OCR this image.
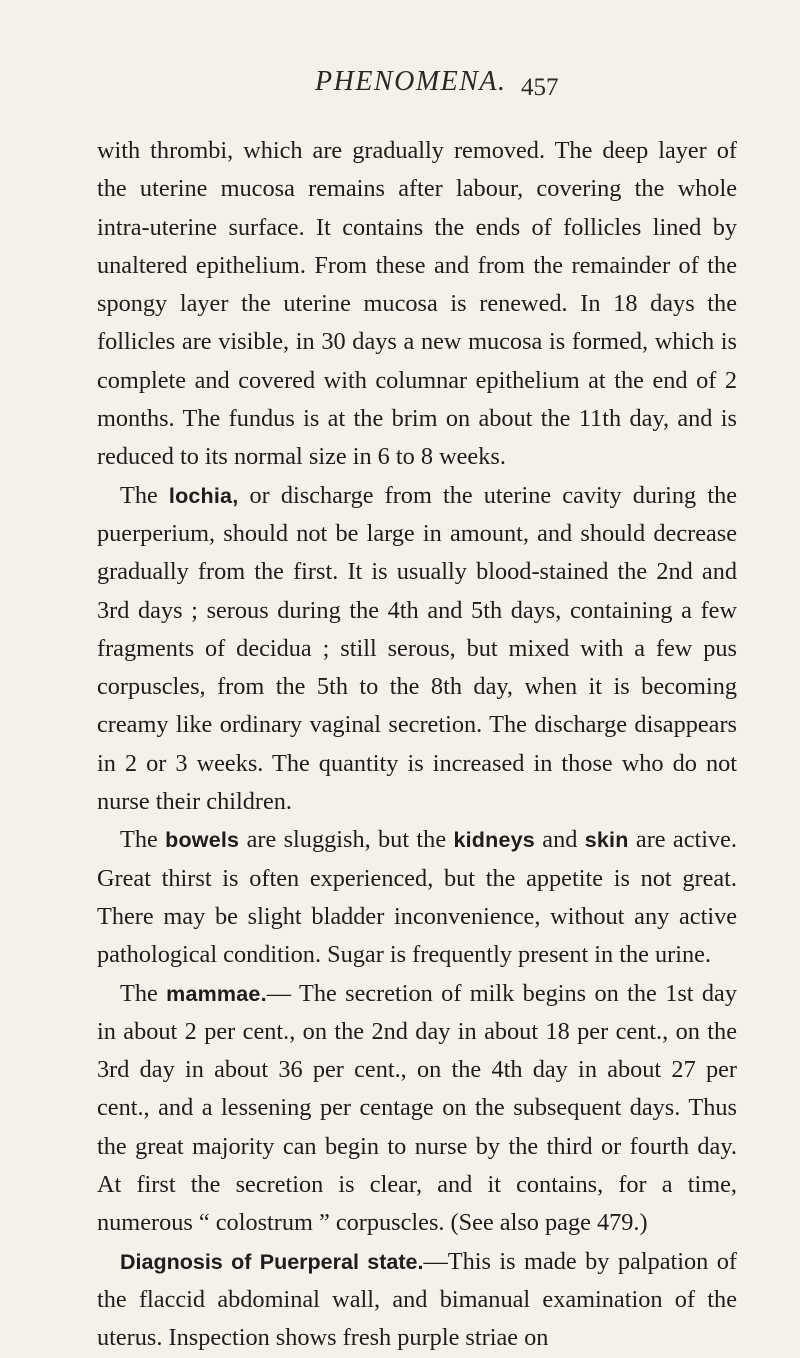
PHENOMENA. 457

with thrombi, which are gradually removed. The deep layer of the uterine mucosa remains after labour, covering the whole intra-uterine surface. It contains the ends of follicles lined by unaltered epithelium. From these and from the remainder of the spongy layer the uterine mucosa is renewed. In 18 days the follicles are visible, in 30 days a new mucosa is formed, which is complete and covered with columnar epithelium at the end of 2 months. The fundus is at the brim on about the 11th day, and is reduced to its normal size in 6 to 8 weeks.

The lochia, or discharge from the uterine cavity during the puerperium, should not be large in amount, and should decrease gradually from the first. It is usually blood-stained the 2nd and 3rd days ; serous during the 4th and 5th days, containing a few fragments of decidua ; still serous, but mixed with a few pus corpuscles, from the 5th to the 8th day, when it is becoming creamy like ordinary vaginal secretion. The discharge disappears in 2 or 3 weeks. The quantity is increased in those who do not nurse their children.

The bowels are sluggish, but the kidneys and skin are active. Great thirst is often experienced, but the appetite is not great. There may be slight bladder inconvenience, without any active pathological condition. Sugar is frequently present in the urine.

The mammae.— The secretion of milk begins on the 1st day in about 2 per cent., on the 2nd day in about 18 per cent., on the 3rd day in about 36 per cent., on the 4th day in about 27 per cent., and a lessening per centage on the subsequent days. Thus the great majority can begin to nurse by the third or fourth day. At first the secretion is clear, and it contains, for a time, numerous “ colostrum ” corpuscles. (See also page 479.)

Diagnosis of Puerperal state.—This is made by palpation of the flaccid abdominal wall, and bimanual examination of the uterus. Inspection shows fresh purple striae on
